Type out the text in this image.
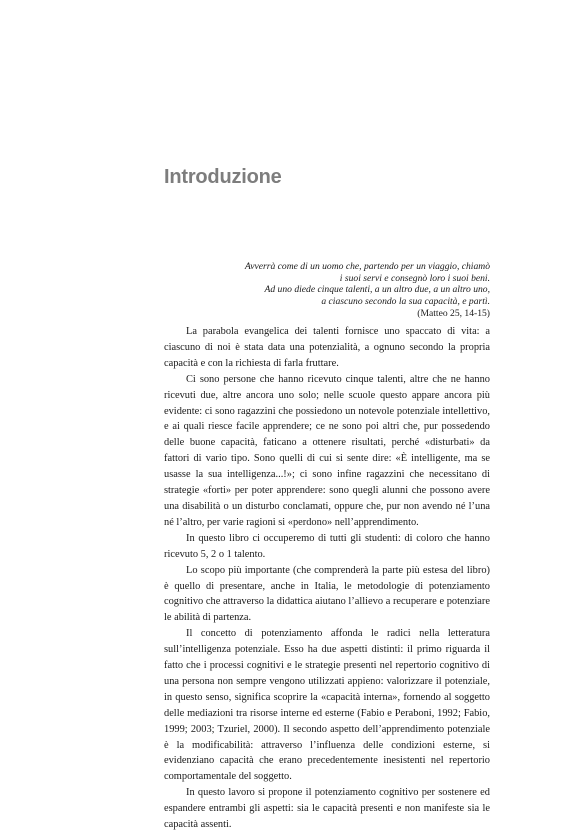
Introduzione
Avverrà come di un uomo che, partendo per un viaggio, chiamò
i suoi servi e consegnò loro i suoi beni.
Ad uno diede cinque talenti, a un altro due, a un altro uno,
a ciascuno secondo la sua capacità, e partì.
(Matteo 25, 14-15)

La parabola evangelica dei talenti fornisce uno spaccato di vita: a ciascuno di noi è stata data una potenzialità, a ognuno secondo la propria capacità e con la richiesta di farla fruttare.

Ci sono persone che hanno ricevuto cinque talenti, altre che ne hanno ricevuti due, altre ancora uno solo; nelle scuole questo appare ancora più evidente: ci sono ragazzini che possiedono un notevole potenziale intellettivo, e ai quali riesce facile apprendere; ce ne sono poi altri che, pur possedendo delle buone capacità, faticano a ottenere risultati, perché «disturbati» da fattori di vario tipo. Sono quelli di cui si sente dire: «È intelligente, ma se usasse la sua intelligenza...!»; ci sono infine ragazzini che necessitano di strategie «forti» per poter apprendere: sono quegli alunni che possono avere una disabilità o un disturbo conclamati, oppure che, pur non avendo né l’una né l’altro, per varie ragioni si «perdono» nell’apprendimento.

In questo libro ci occuperemo di tutti gli studenti: di coloro che hanno ricevuto 5, 2 o 1 talento.

Lo scopo più importante (che comprenderà la parte più estesa del libro) è quello di presentare, anche in Italia, le metodologie di potenziamento cognitivo che attraverso la didattica aiutano l’allievo a recuperare e potenziare le abilità di partenza.

Il concetto di potenziamento affonda le radici nella letteratura sull’intelligenza potenziale. Esso ha due aspetti distinti: il primo riguarda il fatto che i processi cognitivi e le strategie presenti nel repertorio cognitivo di una persona non sempre vengono utilizzati appieno: valorizzare il potenziale, in questo senso, significa scoprire la «capacità interna», fornendo al soggetto delle mediazioni tra risorse interne ed esterne (Fabio e Peraboni, 1992; Fabio, 1999; 2003; Tzuriel, 2000). Il secondo aspetto dell’apprendimento potenziale è la modificabilità: attraverso l’influenza delle condizioni esterne, si evidenziano capacità che erano precedentemente inesistenti nel repertorio comportamentale del soggetto.

In questo lavoro si propone il potenziamento cognitivo per sostenere ed espandere entrambi gli aspetti: sia le capacità presenti e non manifeste sia le capacità assenti.
